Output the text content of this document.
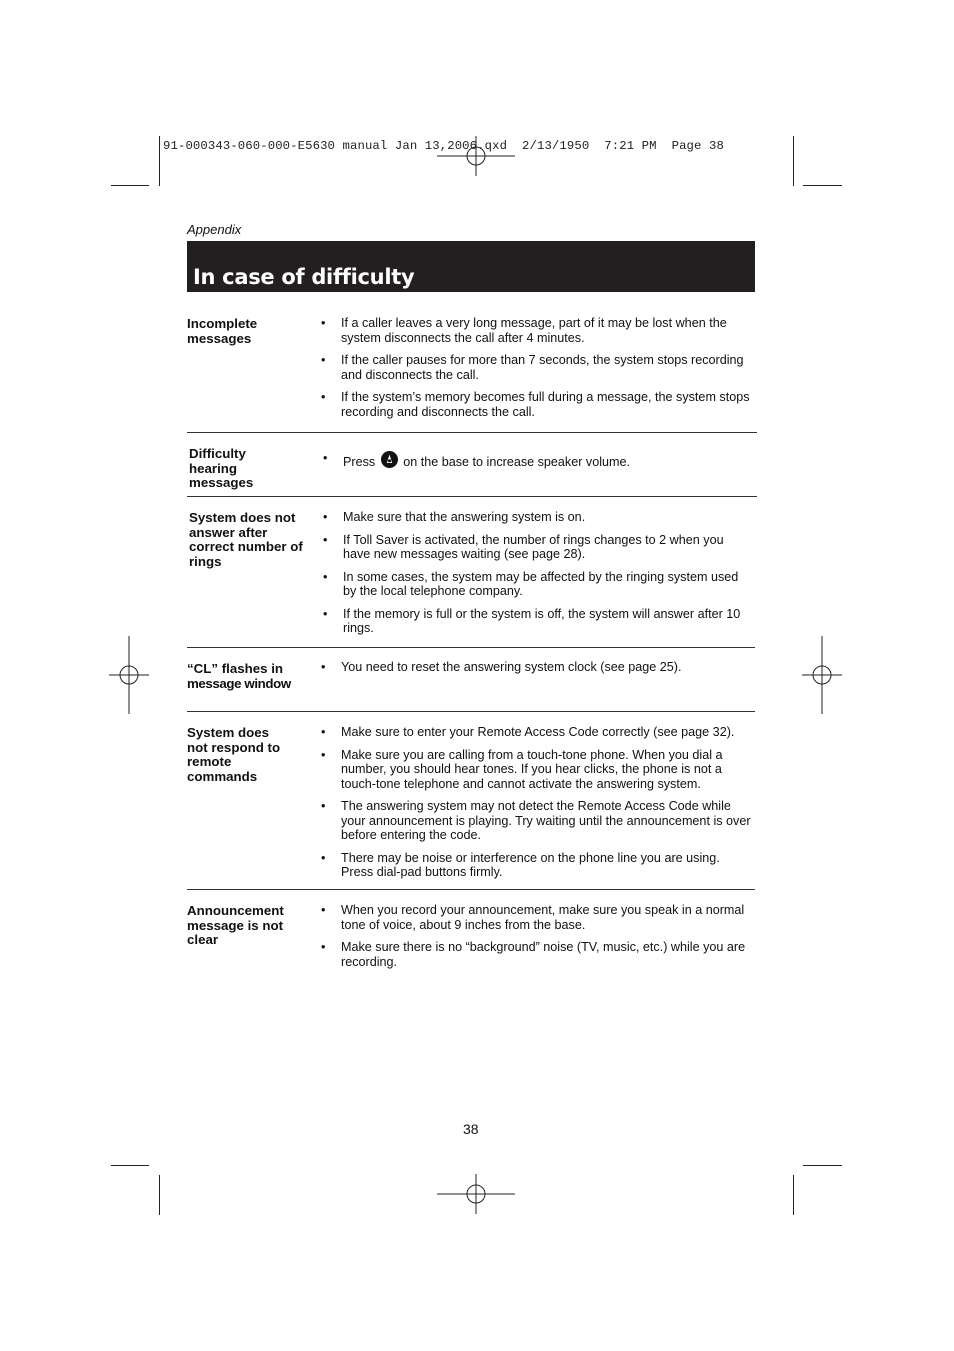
91-000343-060-000-E5630 manual Jan 13,2006.qxd  2/13/1950  7:21 PM  Page 38
Appendix
In case of difficulty
Incomplete messages
• If a caller leaves a very long message, part of it may be lost when the system disconnects the call after 4 minutes.
• If the caller pauses for more than 7 seconds, the system stops recording and disconnects the call.
• If the system’s memory becomes full during a message, the system stops recording and disconnects the call.
Difficulty hearing messages
• Press on the base to increase speaker volume.
System does not answer after correct number of rings
• Make sure that the answering system is on.
• If Toll Saver is activated, the number of rings changes to 2 when you have new messages waiting (see page 28).
• In some cases, the system may be affected by the ringing system used by the local telephone company.
• If the memory is full or the system is off, the system will answer after 10 rings.
“CL” flashes in
message window
• You need to reset the answering system clock (see page 25).
System does not respond to remote commands
• Make sure to enter your Remote Access Code correctly (see page 32).
• Make sure you are calling from a touch-tone phone. When you dial a number, you should hear tones. If you hear clicks, the phone is not a touch-tone telephone and cannot activate the answering system.
• The answering system may not detect the Remote Access Code while your announcement is playing. Try waiting until the announcement is over before entering the code.
• There may be noise or interference on the phone line you are using. Press dial-pad buttons firmly.
Announcement message is not clear
• When you record your announcement, make sure you speak in a normal tone of voice, about 9 inches from the base.
• Make sure there is no “background” noise (TV, music, etc.) while you are recording.
38
